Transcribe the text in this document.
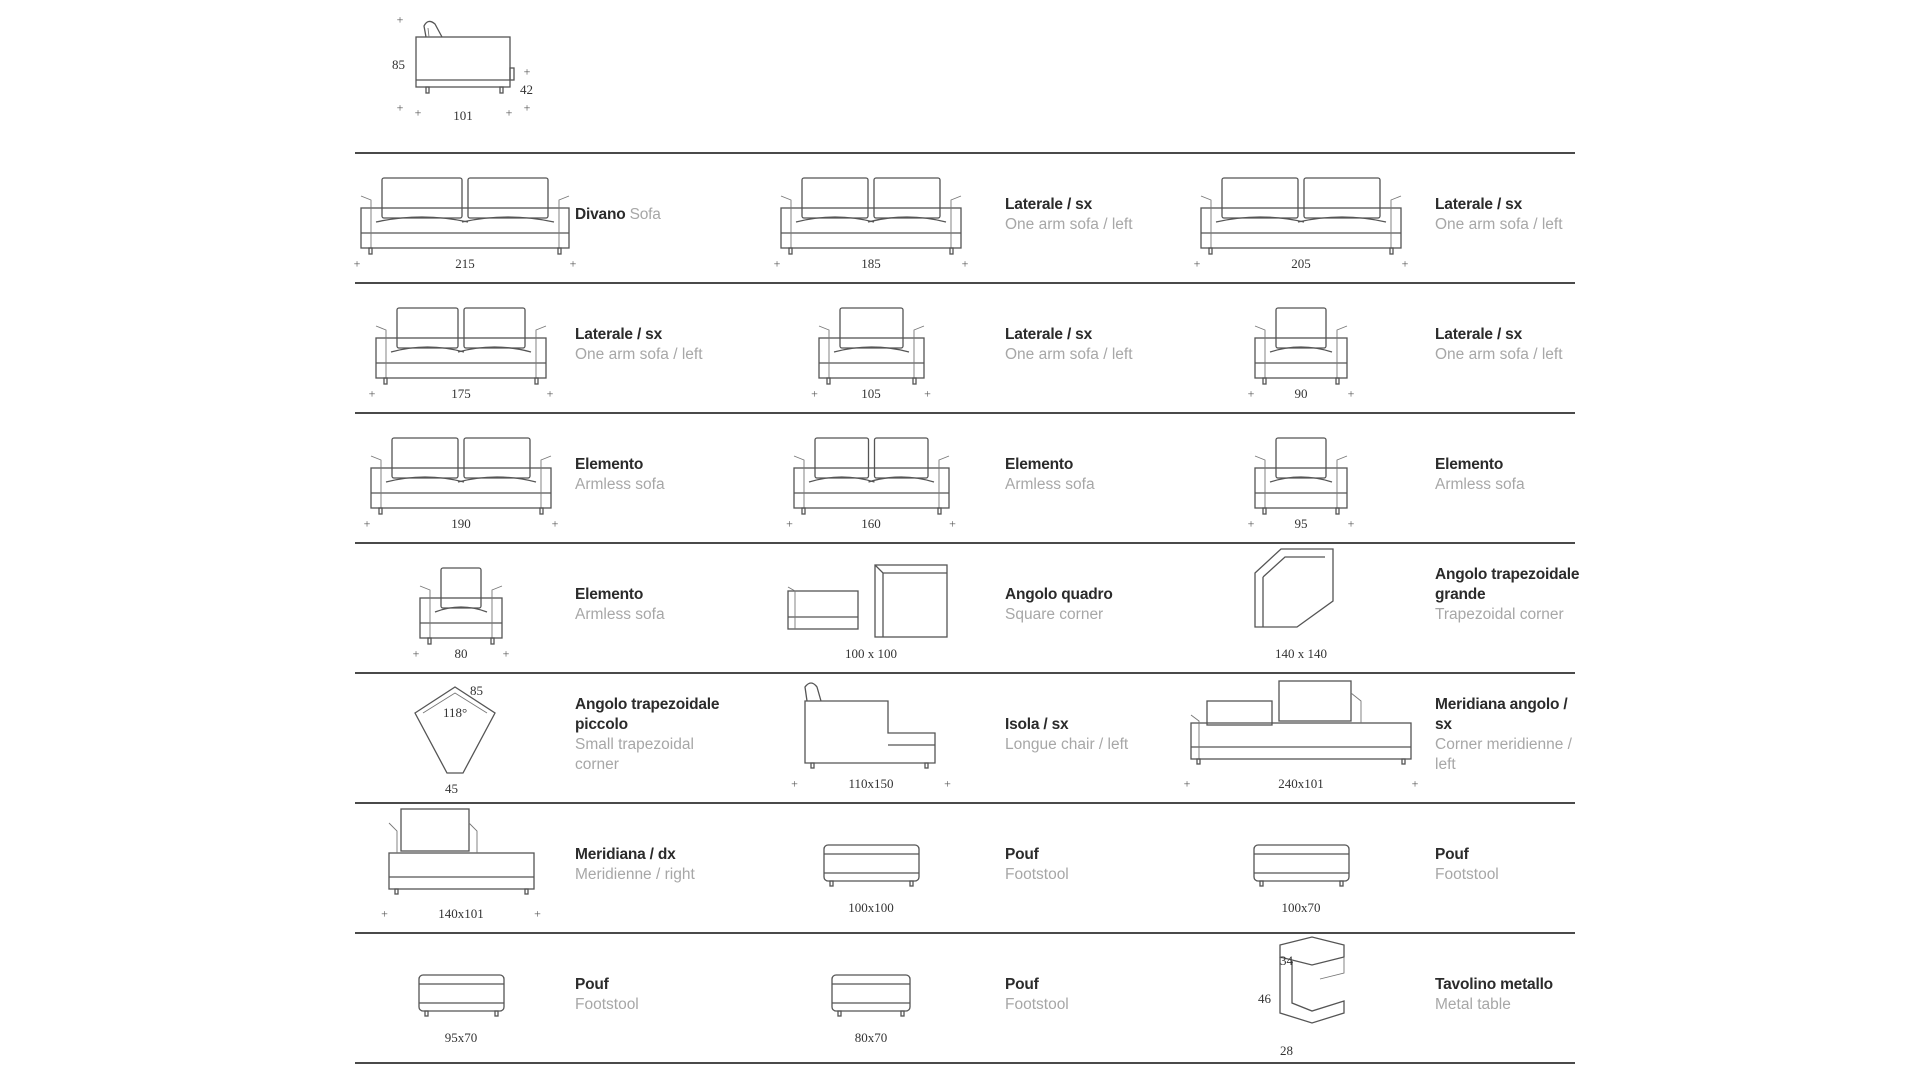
+
+ +	+
+
+
85
42
101
215
+	+
Divano Sofa
185
+	+
Laterale / sx
One arm sofa / left
205
+	+
Laterale / sx
One arm sofa / left
175
+	+
Laterale / sx
One arm sofa / left
105
+	+
Laterale / sx
One arm sofa / left
90
+	+
Laterale / sx
One arm sofa / left
190
+	+
Elemento
Armless sofa
160
+	+
Elemento
Armless sofa
95
+	+
Elemento
Armless sofa
80
+	+
Elemento
Armless sofa
100 x 100
Angolo quadro
Square corner
140 x 140
Angolo trapezoidale grande
Trapezoidal corner
85
118°
45
Angolo trapezoidale piccolo
Small trapezoidal corner
110x150
+	+
Isola / sx
Longue chair / left
240x101
+	+
Meridiana angolo / sx
Corner meridienne / left
140x101
+	+
Meridiana / dx
Meridienne / right
100x100
Pouf
Footstool
100x70
Pouf
Footstool
95x70
Pouf
Footstool
80x70
Pouf
Footstool
34
46
28
Tavolino metallo
Metal table
